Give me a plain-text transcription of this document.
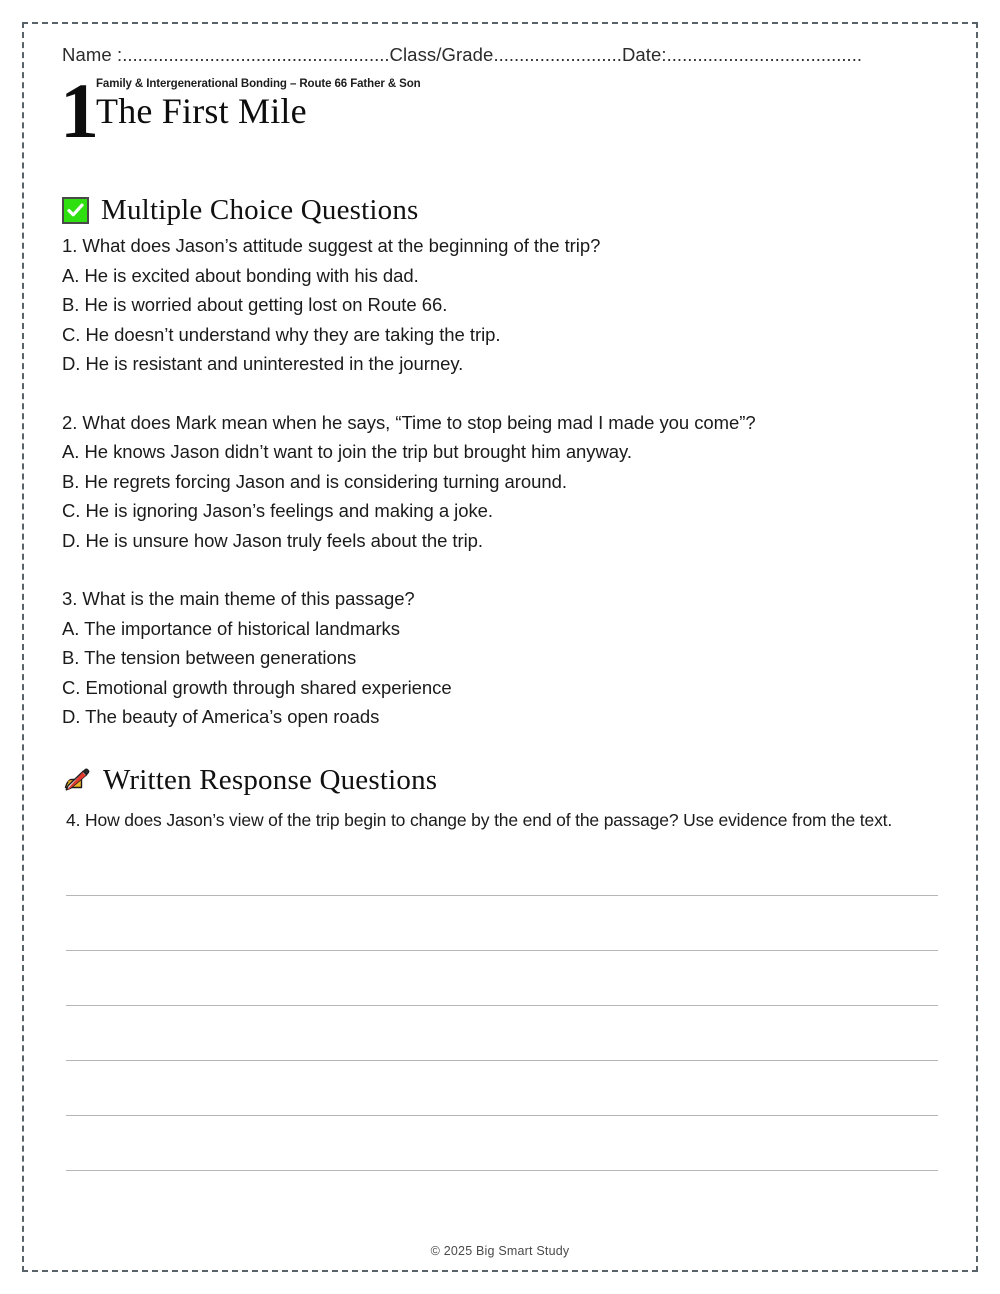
Name : .................................................... Class/Grade ......................... Date: ......................................
1
Family & Intergenerational Bonding – Route 66 Father & Son
The First Mile
Multiple Choice Questions
1. What does Jason’s attitude suggest at the beginning of the trip?
A. He is excited about bonding with his dad.
B. He is worried about getting lost on Route 66.
C. He doesn’t understand why they are taking the trip.
D. He is resistant and uninterested in the journey.
2. What does Mark mean when he says, “Time to stop being mad I made you come”?
A. He knows Jason didn’t want to join the trip but brought him anyway.
B. He regrets forcing Jason and is considering turning around.
C. He is ignoring Jason’s feelings and making a joke.
D. He is unsure how Jason truly feels about the trip.
3. What is the main theme of this passage?
A. The importance of historical landmarks
B. The tension between generations
C. Emotional growth through shared experience
D. The beauty of America’s open roads
Written Response Questions
4. How does Jason’s view of the trip begin to change by the end of the passage? Use evidence from the text.
© 2025 Big Smart Study
